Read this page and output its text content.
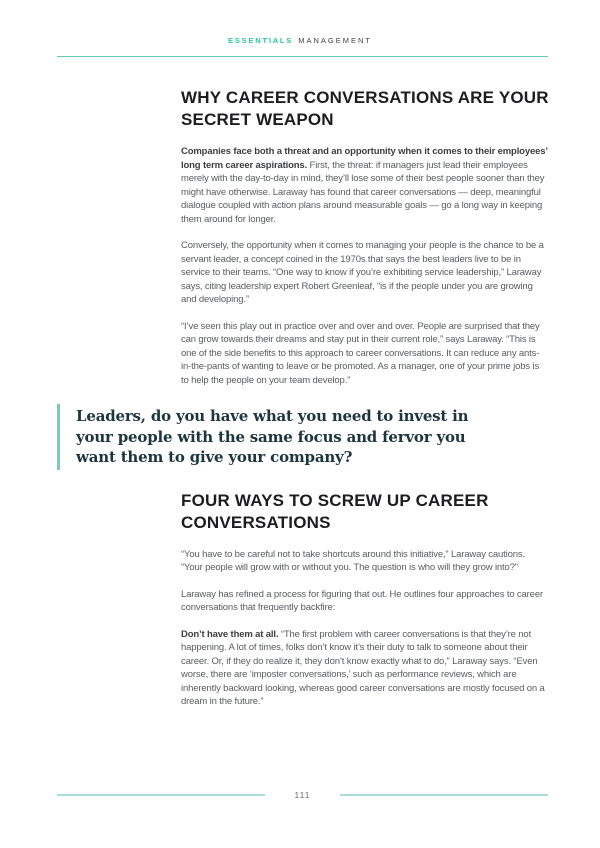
ESSENTIALS MANAGEMENT
WHY CAREER CONVERSATIONS ARE YOUR SECRET WEAPON

Companies face both a threat and an opportunity when it comes to their employees’ long term career aspirations. First, the threat: if managers just lead their employees merely with the day-to-day in mind, they’ll lose some of their best people sooner than they might have otherwise. Laraway has found that career conversations — deep, meaningful dialogue coupled with action plans around measurable goals — go a long way in keeping them around for longer.

Conversely, the opportunity when it comes to managing your people is the chance to be a servant leader, a concept coined in the 1970s that says the best leaders live to be in service to their teams. “One way to know if you’re exhibiting service leadership,” Laraway says, citing leadership expert Robert Greenleaf, “is if the people under you are growing and developing.”

“I’ve seen this play out in practice over and over and over. People are surprised that they can grow towards their dreams and stay put in their current role,” says Laraway. “This is one of the side benefits to this approach to career conversations. It can reduce any ants-in-the-pants of wanting to leave or be promoted. As a manager, one of your prime jobs is to help the people on your team develop.”

Leaders, do you have what you need to invest in your people with the same focus and fervor you want them to give your company?
FOUR WAYS TO SCREW UP CAREER CONVERSATIONS

“You have to be careful not to take shortcuts around this initiative,” Laraway cautions. “Your people will grow with or without you. The question is who will they grow into?”

Laraway has refined a process for figuring that out. He outlines four approaches to career conversations that frequently backfire:

Don’t have them at all. “The first problem with career conversations is that they’re not happening. A lot of times, folks don’t know it’s their duty to talk to someone about their career. Or, if they do realize it, they don’t know exactly what to do,” Laraway says. “Even worse, there are ‘imposter conversations,’ such as performance reviews, which are inherently backward looking, whereas good career conversations are mostly focused on a dream in the future.”

111
